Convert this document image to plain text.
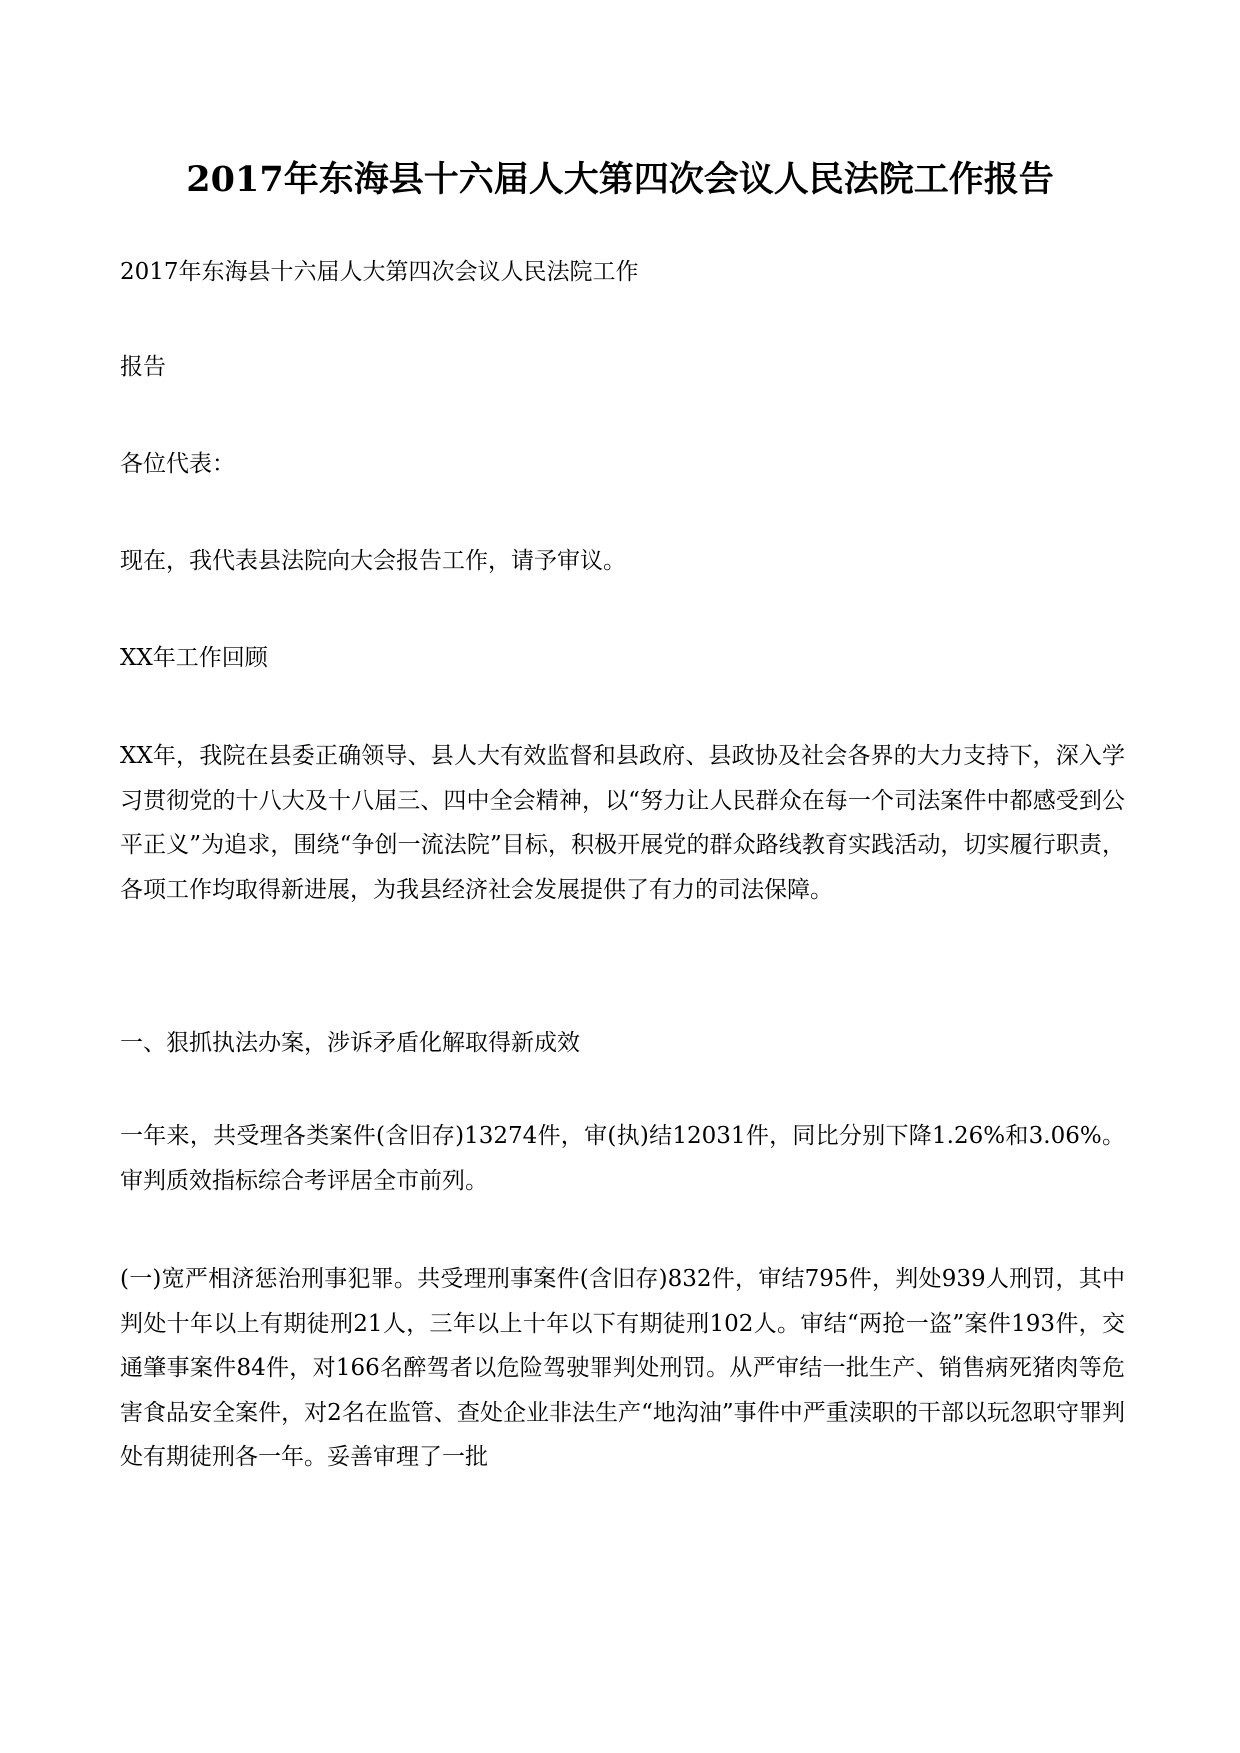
2017年东海县十六届人大第四次会议人民法院工作报告

2017年东海县十六届人大第四次会议人民法院工作

报告

各位代表：

现在，我代表县法院向大会报告工作，请予审议。

XX年工作回顾

XX年，我院在县委正确领导、县人大有效监督和县政府、县政协及社会各界的大力支持下，深入学习贯彻党的十八大及十八届三、四中全会精神，以“努力让人民群众在每一个司法案件中都感受到公平正义”为追求，围绕“争创一流法院”目标，积极开展党的群众路线教育实践活动，切实履行职责，各项工作均取得新进展，为我县经济社会发展提供了有力的司法保障。

一、狠抓执法办案，涉诉矛盾化解取得新成效

一年来，共受理各类案件(含旧存)13274件，审(执)结12031件，同比分别下降1.26%和3.06%。审判质效指标综合考评居全市前列。

(一)宽严相济惩治刑事犯罪。共受理刑事案件(含旧存)832件，审结795件，判处939人刑罚，其中判处十年以上有期徒刑21人，三年以上十年以下有期徒刑102人。审结“两抢一盗”案件193件，交通肇事案件84件，对166名醉驾者以危险驾驶罪判处刑罚。从严审结一批生产、销售病死猪肉等危害食品安全案件，对2名在监管、查处企业非法生产“地沟油”事件中严重渎职的干部以玩忽职守罪判处有期徒刑各一年。妥善审理了一批
